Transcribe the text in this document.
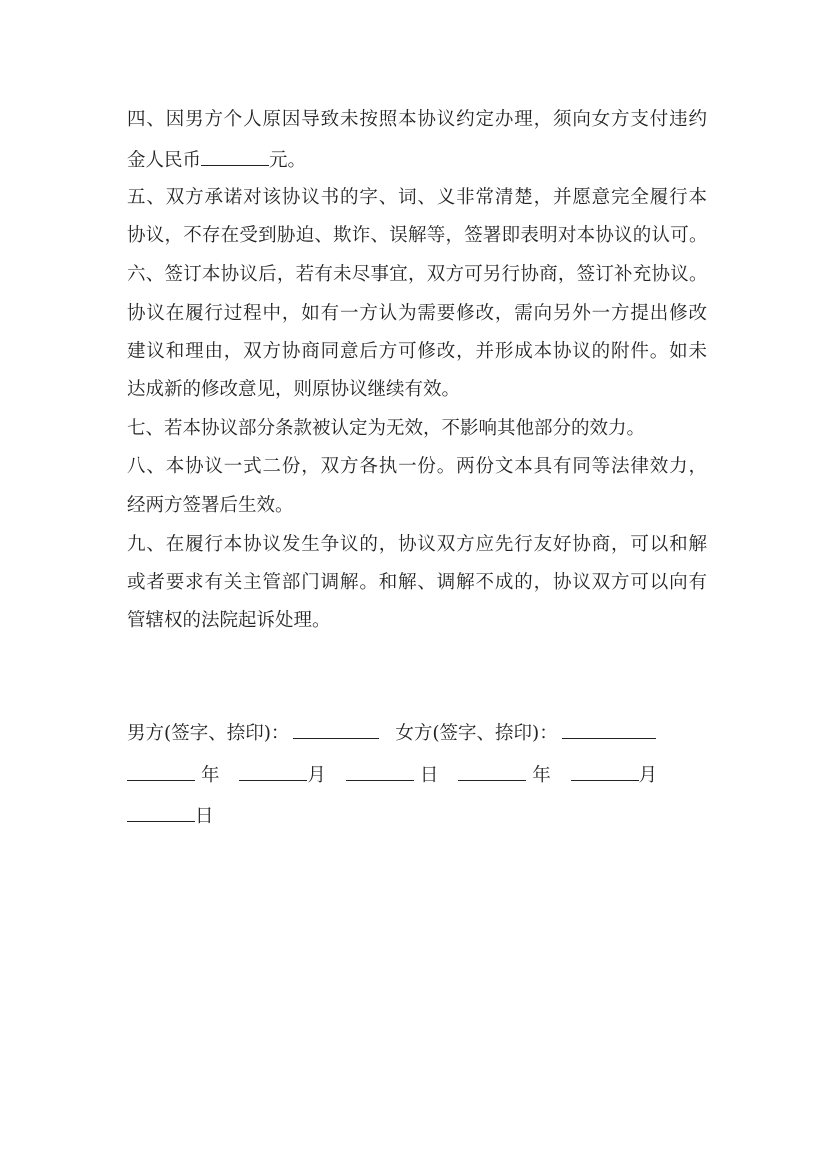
四、因男方个人原因导致未按照本协议约定办理，须向女方支付违约
金人民币	元。
五、双方承诺对该协议书的字、词、义非常清楚，并愿意完全履行本
协议，不存在受到胁迫、欺诈、误解等，签署即表明对本协议的认可。
六、签订本协议后，若有未尽事宜，双方可另行协商，签订补充协议。
协议在履行过程中，如有一方认为需要修改，需向另外一方提出修改
建议和理由，双方协商同意后方可修改，并形成本协议的附件。如未
达成新的修改意见，则原协议继续有效。
七、若本协议部分条款被认定为无效，不影响其他部分的效力。
八、本协议一式二份，双方各执一份。两份文本具有同等法律效力，
经两方签署后生效。
九、在履行本协议发生争议的，协议双方应先行友好协商，可以和解
或者要求有关主管部门调解。和解、调解不成的，协议双方可以向有
管辖权的法院起诉处理。
男方(签字、捺印)：	女方(签字、捺印)：
年	月	日	年	月
日
